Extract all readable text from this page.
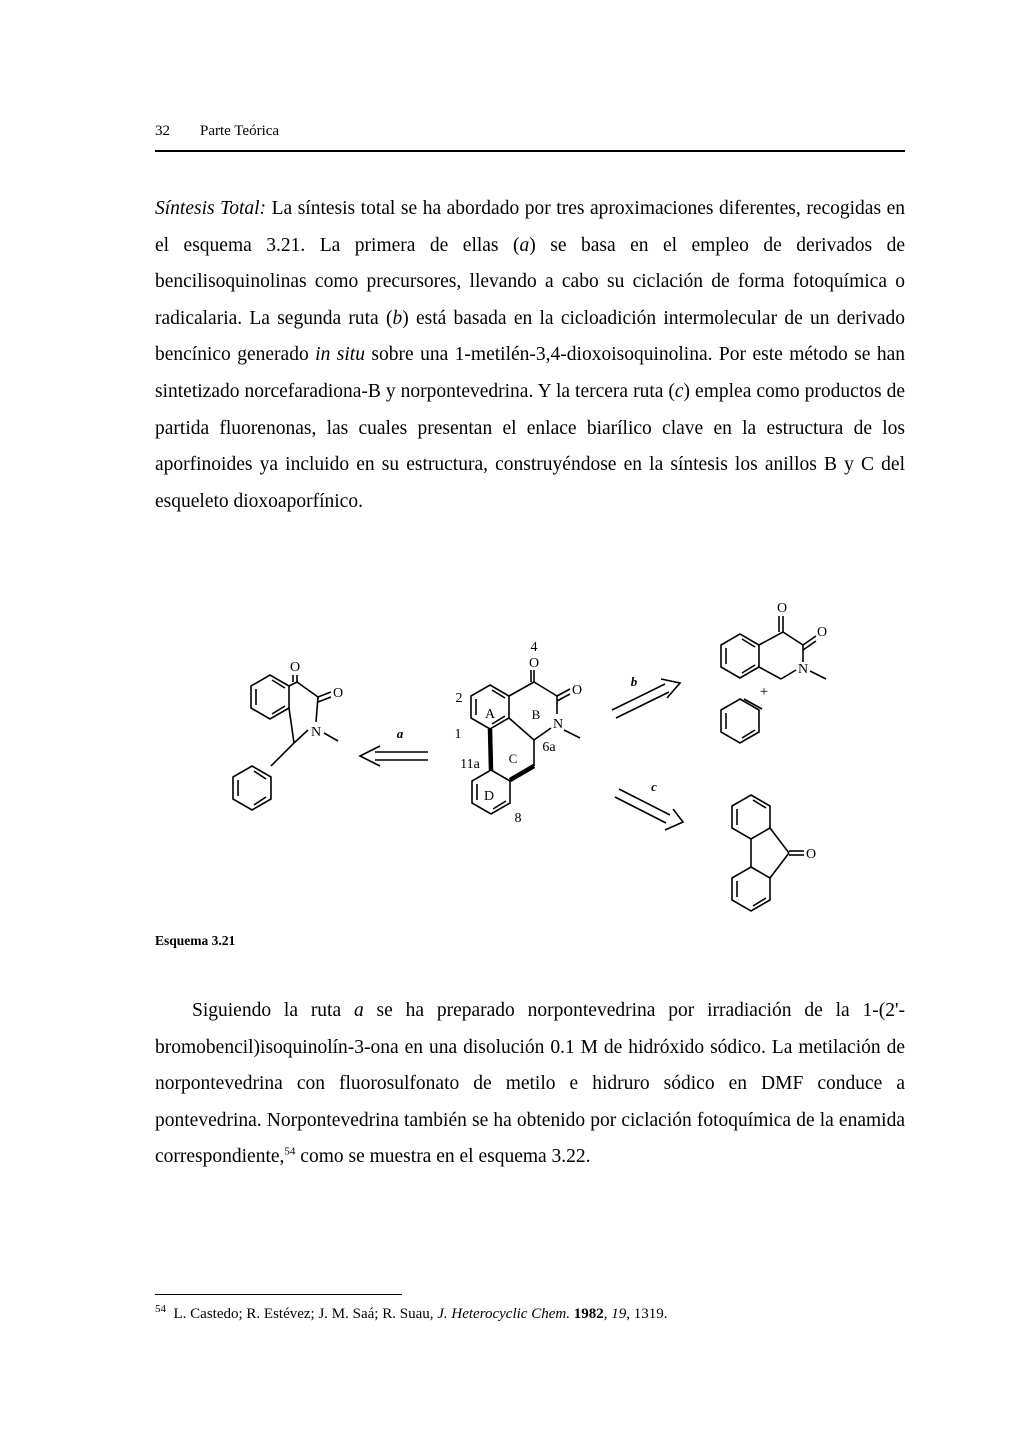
32 Parte Teórica

Síntesis Total: La síntesis total se ha abordado por tres aproximaciones diferentes, recogidas en el esquema 3.21. La primera de ellas (a) se basa en el empleo de derivados de bencilisoquinolinas como precursores, llevando a cabo su ciclación de forma fotoquímica o radicalaria. La segunda ruta (b) está basada en la cicloadición intermolecular de un derivado bencínico generado in situ sobre una 1-metilén-3,4-dioxoisoquinolina. Por este método se han sintetizado norcefaradiona-B y norpontevedrina. Y la tercera ruta (c) emplea como productos de partida fluorenonas, las cuales presentan el enlace biarílico clave en la estructura de los aporfinoides ya incluido en su estructura, construyéndose en la síntesis los anillos B y C del esqueleto dioxoaporfínico.

O
O
N	a
4
O
O
N
2
1
A	B
6a
C
11a
D
8
b
c
O
O
N
+
O
Esquema 3.21

Siguiendo la ruta a se ha preparado norpontevedrina por irradiación de la 1-(2'-bromobencil)isoquinolín-3-ona en una disolución 0.1 M de hidróxido sódico. La metilación de norpontevedrina con fluorosulfonato de metilo e hidruro sódico en DMF conduce a pontevedrina. Norpontevedrina también se ha obtenido por ciclación fotoquímica de la enamida correspondiente,$^{54}$ como se muestra en el esquema 3.22.

$^{54}$ L. Castedo; R. Estévez; J. M. Saá; R. Suau, J. Heterocyclic Chem. 1982, 19, 1319.
